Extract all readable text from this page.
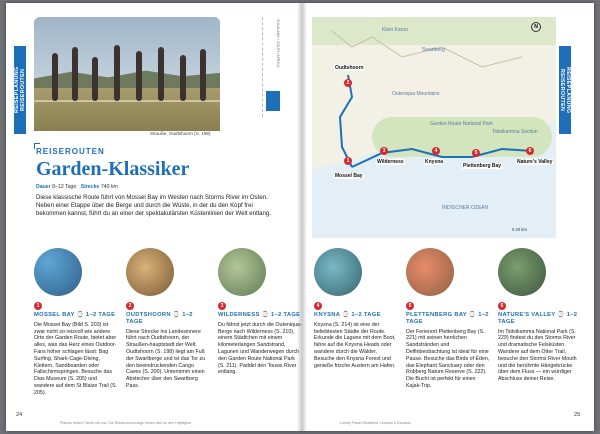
REISEPLANUNG REISEROUTEN
ZULULAND / SOUTH AFRICA
Strauße, Oudtshoorn (S. 199)
REISEROUTEN
Garden-Klassiker
Dauer 8–12 Tage Strecke 740 km
Diese klassische Route führt von Mossel Bay im Westen nach Storms River im Osten. Neben einer Etappe über die Berge und durch die Wüste, in der du den Kopf frei bekommen kannst, führt du an einer der spektakulärsten Küstenlinien der Welt entlang.
1	2	3
MOSSEL BAY ⌚ 1–2 TAGE
Die Mossel Bay (Bild S. 203) ist zwar nicht so reizvoll wie andere Orte der Garden Route, bietet aber alles, was das Herz eines Outdoor-Fans höher schlagen lässt: Bag Surfing, Shark-Cage-Diving, Klettern, Sandboarden oder Fallschirmspringen. Besuche das Dias Museum (S. 205) und wandere auf dem St Blaize Trail (S. 205).
OUDTSHOORN ⌚ 1–2 TAGE
Diese Strecke ins Landesinnere führt nach Oudtshoorn, der Straußen-hauptstadt der Welt. Oudtshoorn (S. 198) liegt am Fuß der Swartberge und ist das Tor zu den beeindruckenden Cango Caves (S. 200). Unternimm einen Abstecher über den Swartberg Pass.
WILDERNESS ⌚ 1–2 TAGE
Du fährst jetzt durch die Outeniqua-Berge nach Wilderness (S. 210), einem Städtchen mit einem kilometerlangen Sandstrand, Lagunen und Wanderwegen durch den Garden Route National Park (S. 211). Paddel den Touws River entlang.
24
Planlos reisen? Nicht mit uns. Die Routenvorschläge führen dich zu den Highlights
REISEPLANUNG REISEROUTEN
Klein Karoo
Swartberg
Outeniqua Mountains
Garden Route National Park
Tsitsikamma Section
INDISCHER OZEAN
Oudtshoorn
Mossel Bay
Wilderness	Knysna
Plettenberg Bay
Nature's Valley
1
2
3	4	5	6
N
0 20 km
4	5	6
KNYSNA ⌚ 1–2 TAGE
Knysna (S. 214) ist eine der beliebtesten Städte der Route. Erkunde die Lagune mit dem Boot, fahre auf die Knysna Heads oder wandere durch die Wälder. Besuche den Knysna Forest und genieße frische Austern am Hafen.
PLETTENBERG BAY ⌚ 1–2 TAGE
Der Ferienort Plettenberg Bay (S. 221) mit seinen herrlichen Sandstränden und Delfinbeobachtung ist ideal für eine Pause. Besuche das Birds of Eden, das Elephant Sanctuary oder den Robberg Nature Reserve (S. 222). Die Bucht ist perfekt für einen Kajak-Trip.
NATURE'S VALLEY ⌚ 1–2 TAGE
Im Tsitsikamma National Park (S. 229) findest du den Storms River und dramatische Felsküsten. Wandere auf dem Otter Trail, besuche den Storms River Mouth und die berühmte Hängebrücke über dem Fluss — ein würdiger Abschluss deiner Reise.
25
Lonely Planet Südafrika, Lesotho & Eswatini
